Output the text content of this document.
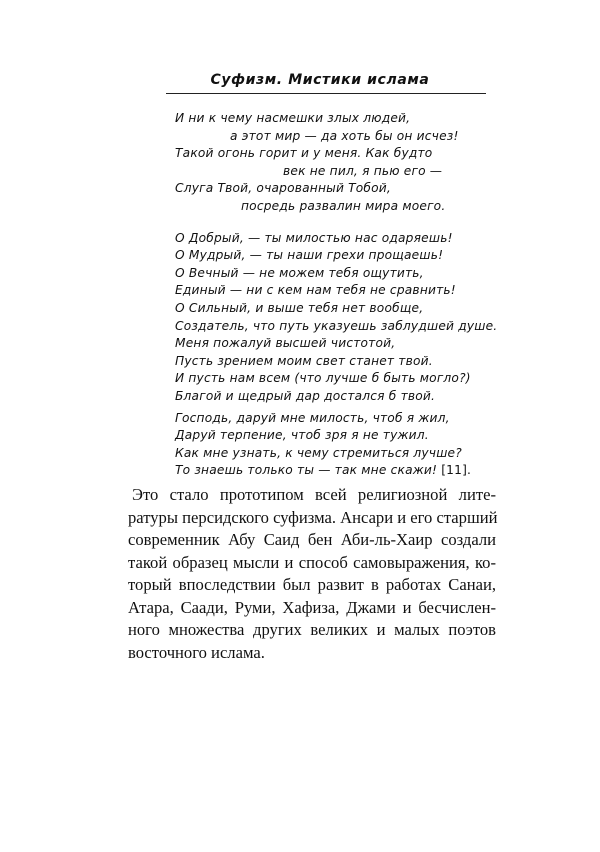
Суфизм. Мистики ислама
И ни к чему насмешки злых людей,
а этот мир — да хоть бы он исчез!
Такой огонь горит и у меня. Как будто
век не пил, я пью его —
Слуга Твой, очарованный Тобой,
посредь развалин мира моего.
О Добрый, — ты милостью нас одаряешь!
О Мудрый, — ты наши грехи прощаешь!
О Вечный — не можем тебя ощутить,
Единый — ни с кем нам тебя не сравнить!
О Сильный, и выше тебя нет вообще,
Создатель, что путь указуешь заблудшей душе.
Меня пожалуй высшей чистотой,
Пусть зрением моим свет станет твой.
И пусть нам всем (что лучше б быть могло?)
Благой и щедрый дар достался б твой.
Господь, даруй мне милость, чтоб я жил,
Даруй терпение, чтоб зря я не тужил.
Как мне узнать, к чему стремиться лучше?
То знаешь только ты — так мне скажи! [11].
Это стало прототипом всей религиозной лите-
ратуры персидского суфизма. Ансари и его старший
современник Абу Саид бен Аби-ль-Хаир создали
такой образец мысли и способ самовыражения, ко-
торый впоследствии был развит в работах Санаи,
Атара, Саади, Руми, Хафиза, Джами и бесчислен-
ного множества других великих и малых поэтов
восточного ислама.
